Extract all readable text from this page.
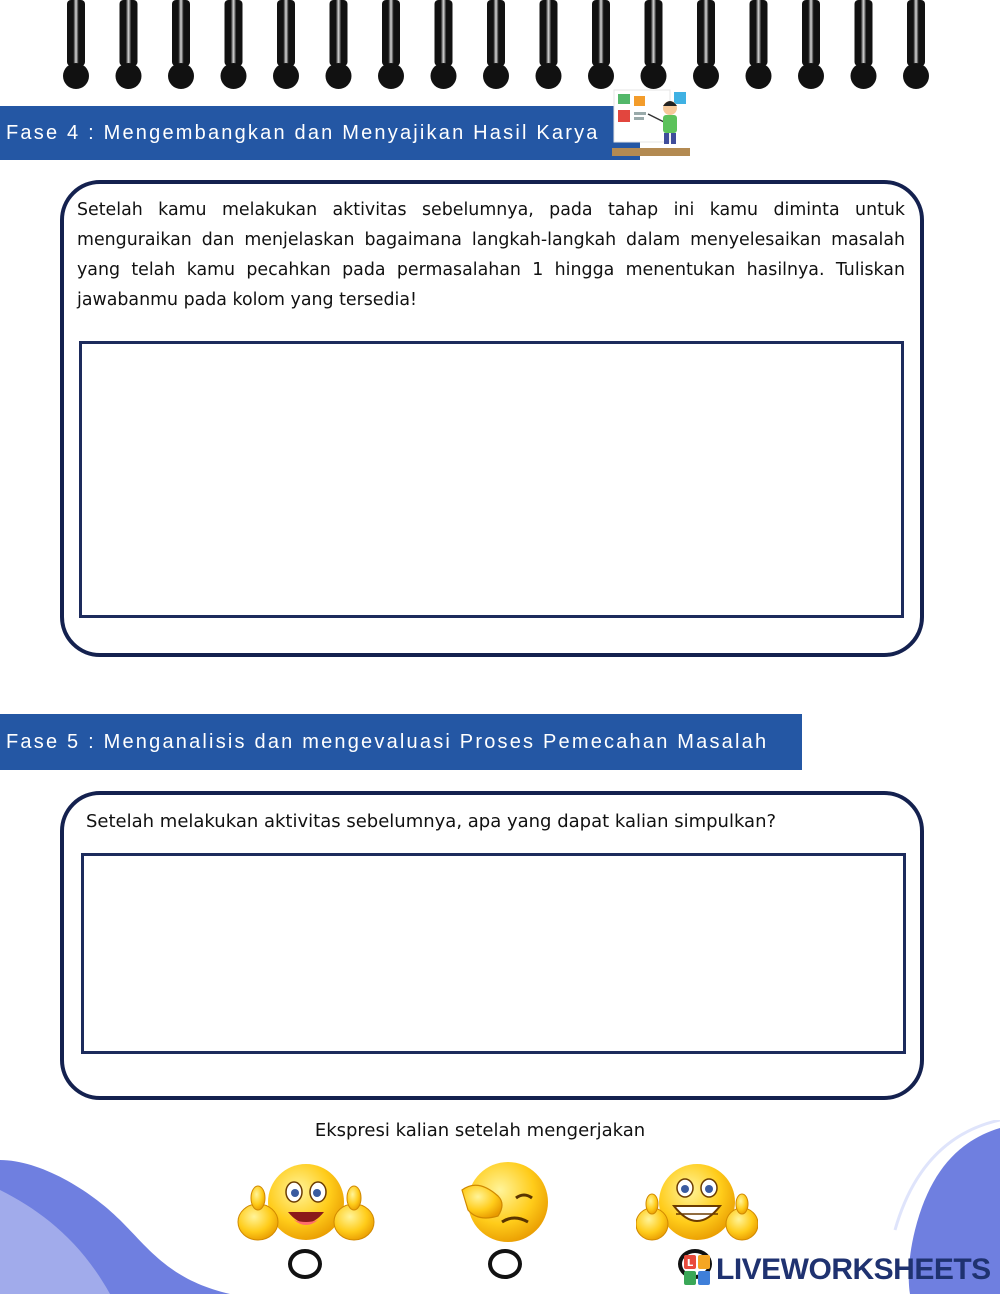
Fase 4 : Mengembangkan dan Menyajikan Hasil Karya

Setelah kamu melakukan aktivitas sebelumnya, pada tahap ini kamu diminta untuk menguraikan dan menjelaskan bagaimana langkah-langkah dalam menyelesaikan masalah yang telah kamu pecahkan pada permasalahan 1 hingga menentukan hasilnya. Tuliskan jawabanmu pada kolom yang tersedia!

Fase 5 : Menganalisis dan mengevaluasi Proses Pemecahan Masalah

Setelah melakukan aktivitas sebelumnya, apa yang dapat kalian simpulkan?

Ekspresi kalian setelah mengerjakan
L LIVEWORKSHEETS
